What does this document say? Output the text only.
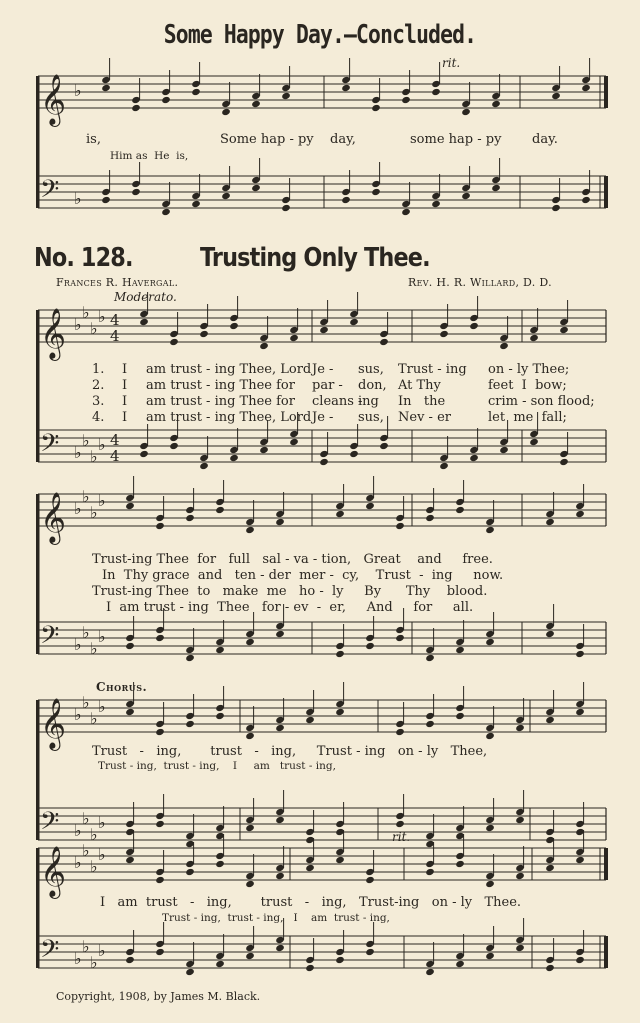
Some Happy Day.—Concluded.
𝄞 ♭
𝄢 ♭
𝄞 ♭
♭
♭
♭ 4
4
𝄢 ♭
♭
♭
♭ 4
4
𝄞 ♭
♭
♭
♭
𝄢 ♭
♭
♭
♭
𝄞 ♭
♭
♭
♭
𝄢 ♭
♭
♭
♭
𝄞 ♭
♭
♭
♭
𝄢 ♭
♭
♭
♭
rit.
is,	Some hap - py day,	some hap - py day.
Him as  He  is,
No. 128.	Trusting Only Thee.
Frances R. Havergal.	Rev. H. R. Willard, D. D.
Moderato.
1. I am trust - ing Thee, Lord Je - sus, Trust - ing on - ly Thee;
2. I am trust - ing Thee for par - don, At Thy	feet  I  bow;
3. I am trust - ing Thee for cleans -
ing In   the	crim - son flood;
4. I am trust - ing Thee, Lord Je - sus, Nev - er	let  me  fall;
Trust-ing Thee  for   full   sal - va - tion,   Great    and     free.
In  Thy grace  and   ten - der  mer -  cy,    Trust  -  ing     now.
Trust-ing Thee  to   make  me   ho -  ly     By      Thy    blood.
I  am trust - ing  Thee   for - ev  -  er,     And     for     all.
Chorus.
Trust   -   ing,       trust   -   ing,     Trust - ing   on - ly   Thee,
Trust - ing,  trust - ing,    I     am   trust - ing,
rit.
I   am  trust   -   ing,       trust   -   ing,   Trust-ing   on - ly   Thee.
Trust - ing,  trust - ing,   I    am  trust - ing,
Copyright, 1908, by James M. Black.
